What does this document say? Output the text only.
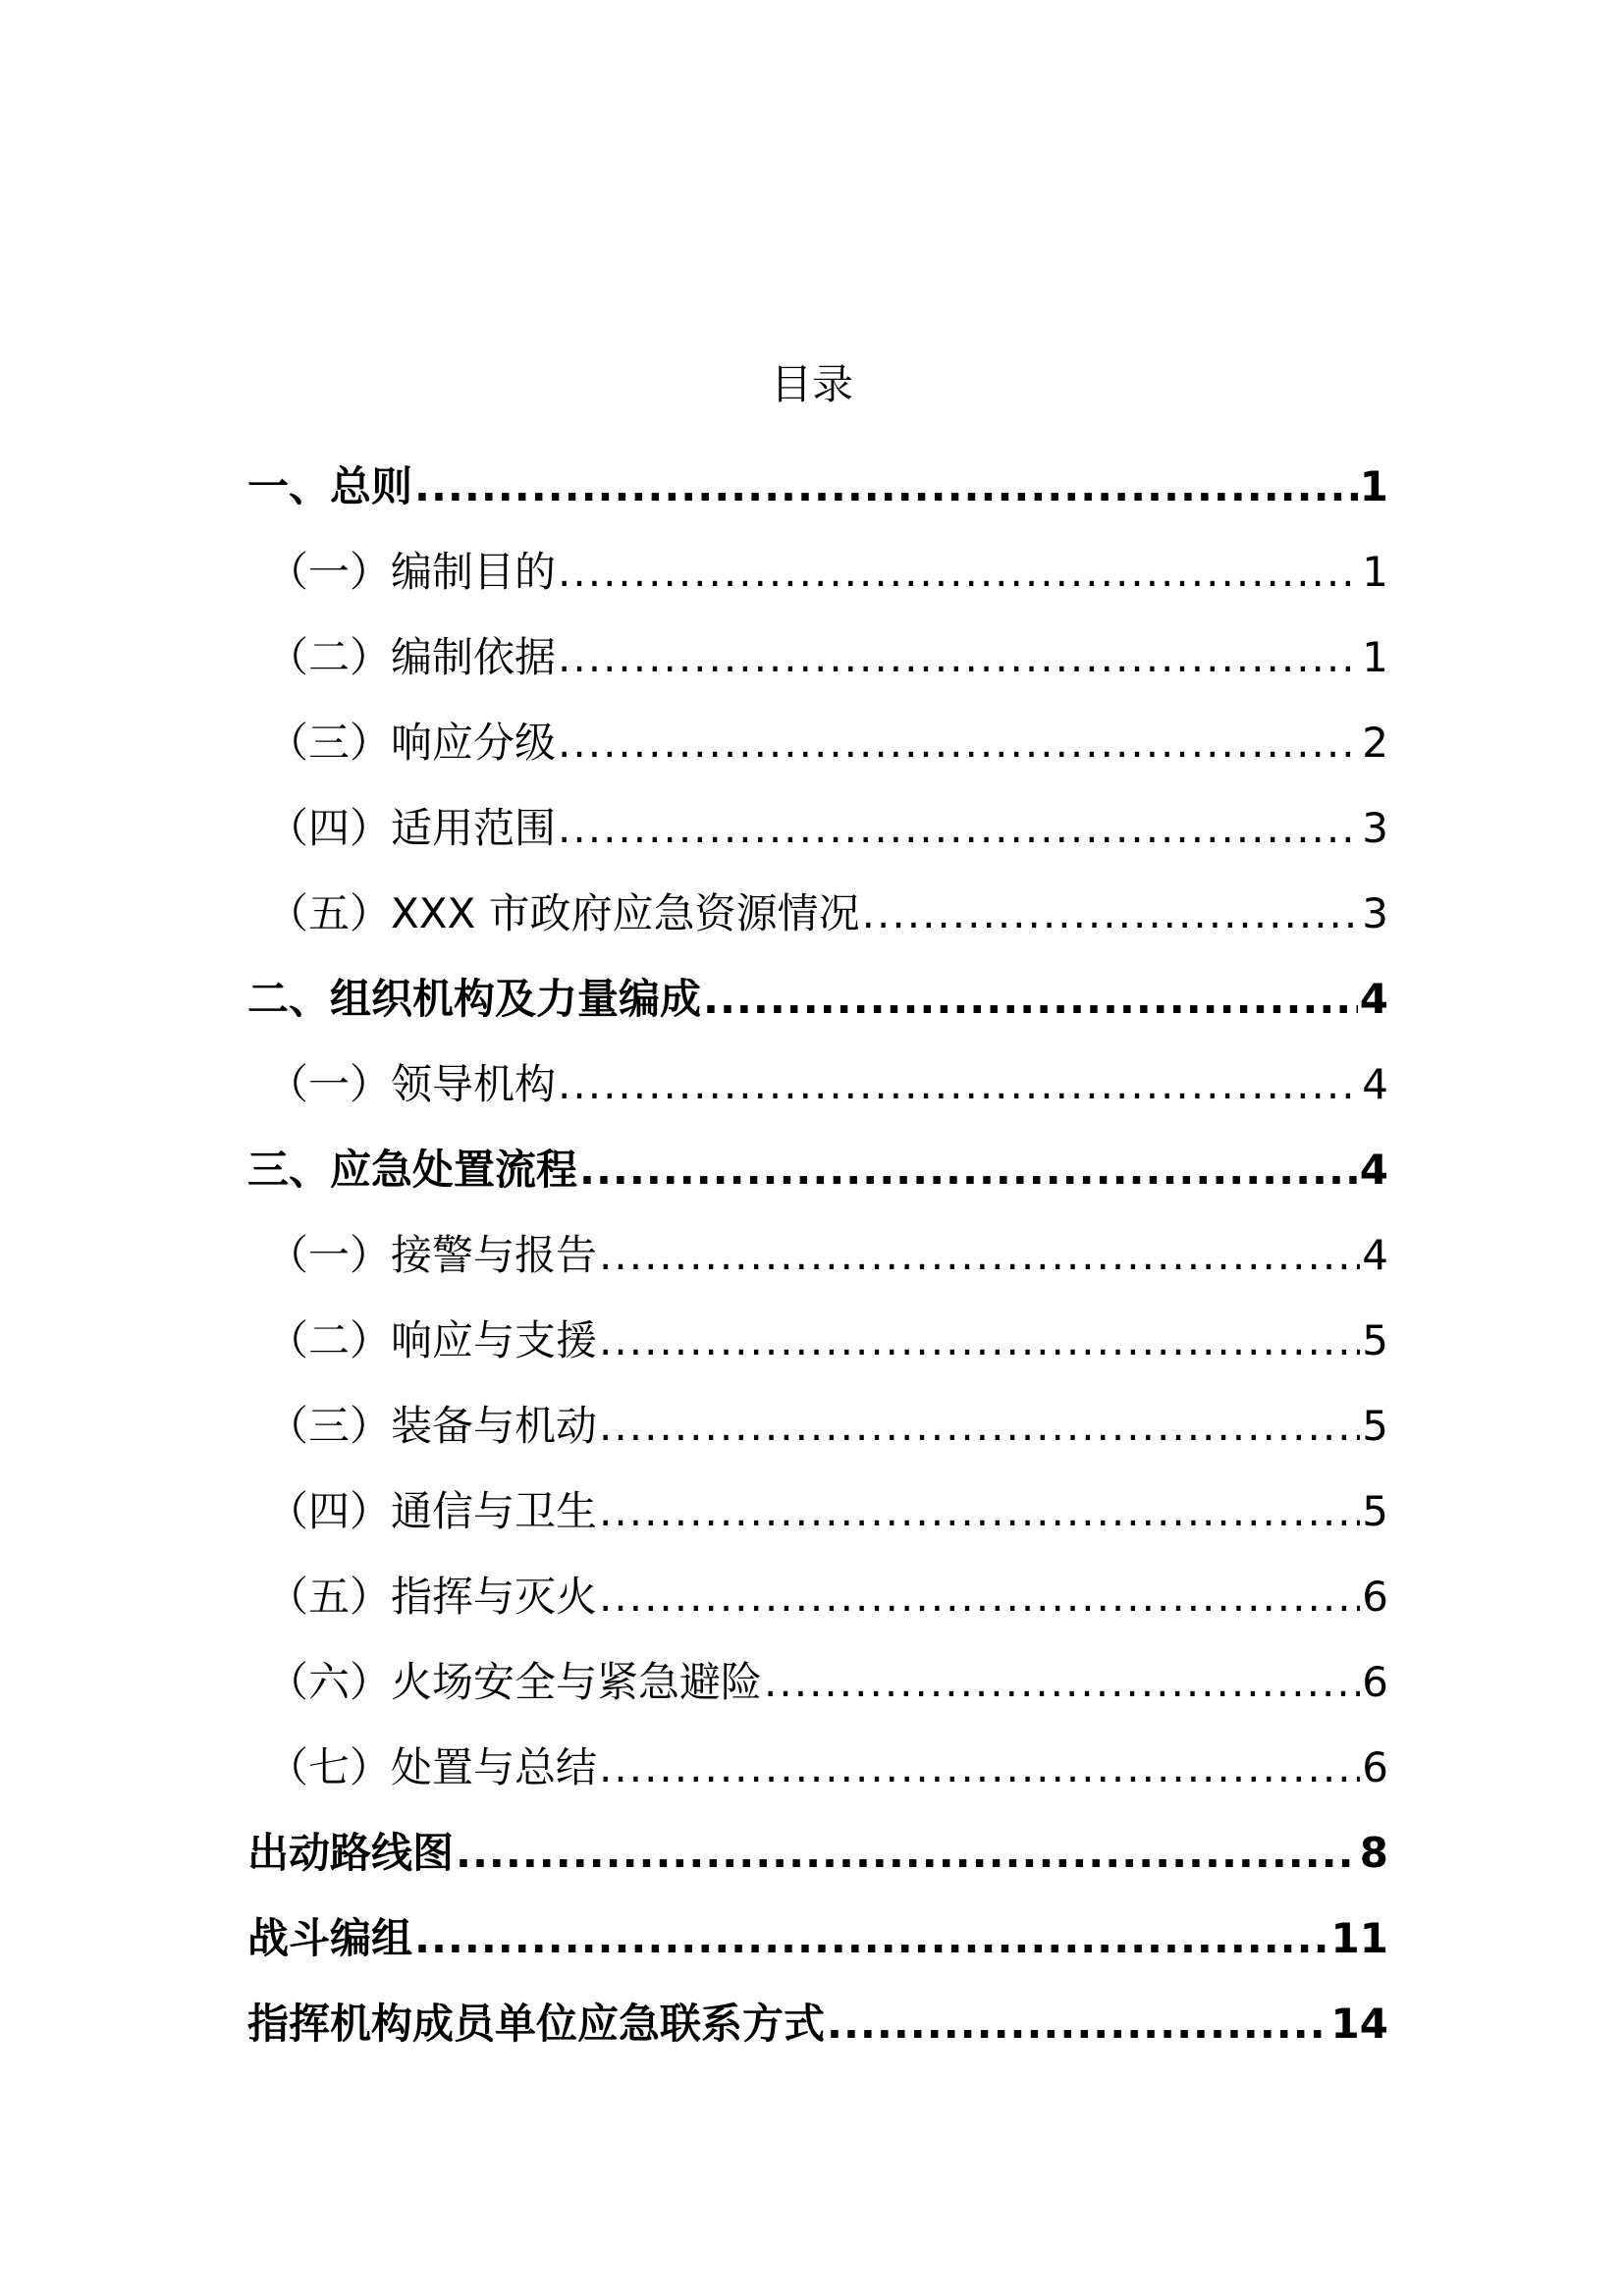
目录
一、总则 .....	1
（一）编制目的 .....	1
（二）编制依据 .....	1
（三）响应分级 .....	2
（四）适用范围 .....	3
（五）XXX 市政府应急资源情况 .....	3
二、组织机构及力量编成 .....	4
（一）领导机构 .....	4
三、应急处置流程 .....	4
（一）接警与报告 .....	4
（二）响应与支援 .....	5
（三）装备与机动 .....	5
（四）通信与卫生 .....	5
（五）指挥与灭火 .....	6
（六）火场安全与紧急避险 .....	6
（七）处置与总结 .....	6
出动路线图 .....	8
战斗编组 .....	11
指挥机构成员单位应急联系方式 .....	14
